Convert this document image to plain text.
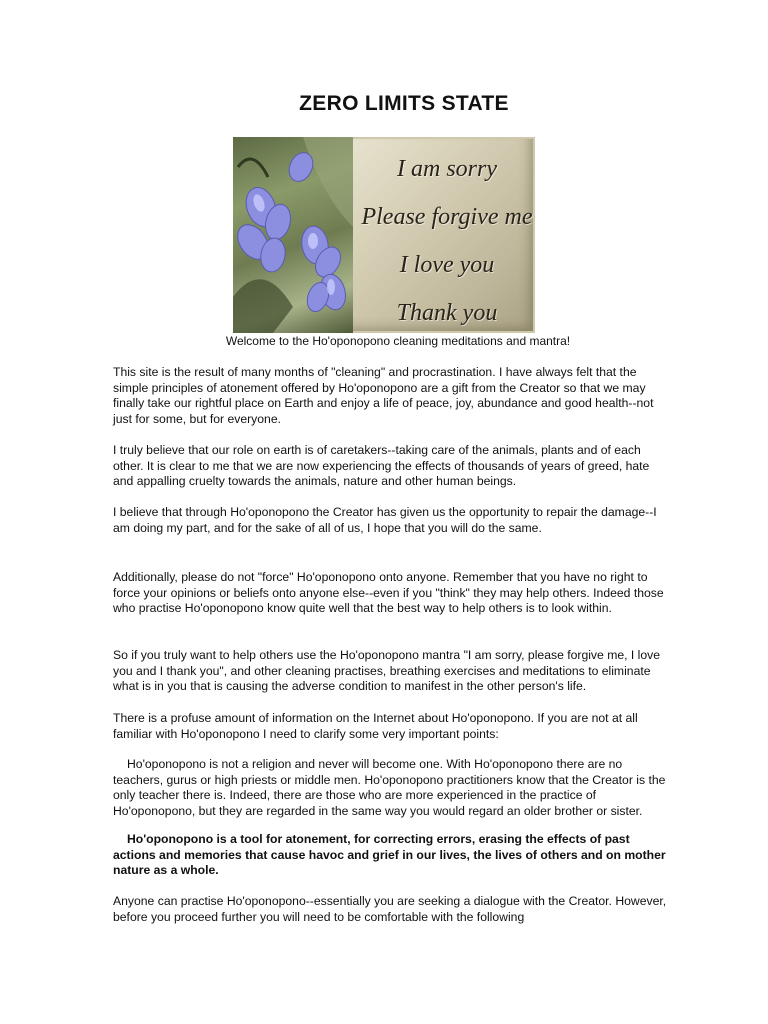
ZERO LIMITS STATE
I am sorry
Please forgive me
I love you
Thank you
Welcome to the Ho'oponopono cleaning meditations and mantra!

This site is the result of many months of "cleaning" and procrastination. I have always felt that the simple principles of atonement offered by Ho'oponopono are a gift from the Creator so that we may finally take our rightful place on Earth and enjoy a life of peace, joy, abundance and good health--not just for some, but for everyone.

I truly believe that our role on earth is of caretakers--taking care of the animals, plants and of each other. It is clear to me that we are now experiencing the effects of thousands of years of greed, hate and appalling cruelty towards the animals, nature and other human beings.

I believe that through Ho'oponopono the Creator has given us the opportunity to repair the damage--I am doing my part, and for the sake of all of us, I hope that you will do the same.

Additionally, please do not "force" Ho'oponopono onto anyone. Remember that you have no right to force your opinions or beliefs onto anyone else--even if you "think" they may help others. Indeed those who practise Ho'oponopono know quite well that the best way to help others is to look within.

So if you truly want to help others use the Ho'oponopono mantra "I am sorry, please forgive me, I love you and I thank you", and other cleaning practises, breathing exercises and meditations to eliminate what is in you that is causing the adverse condition to manifest in the other person's life.

There is a profuse amount of information on the Internet about Ho'oponopono. If you are not at all familiar with Ho'oponopono I need to clarify some very important points:

Ho'oponopono is not a religion and never will become one. With Ho'oponopono there are no teachers, gurus or high priests or middle men. Ho'oponopono practitioners know that the Creator is the only teacher there is. Indeed, there are those who are more experienced in the practice of Ho'oponopono, but they are regarded in the same way you would regard an older brother or sister.

Ho'oponopono is a tool for atonement, for correcting errors, erasing the effects of past actions and memories that cause havoc and grief in our lives, the lives of others and on mother nature as a whole.

Anyone can practise Ho'oponopono--essentially you are seeking a dialogue with the Creator. However, before you proceed further you will need to be comfortable with the following
